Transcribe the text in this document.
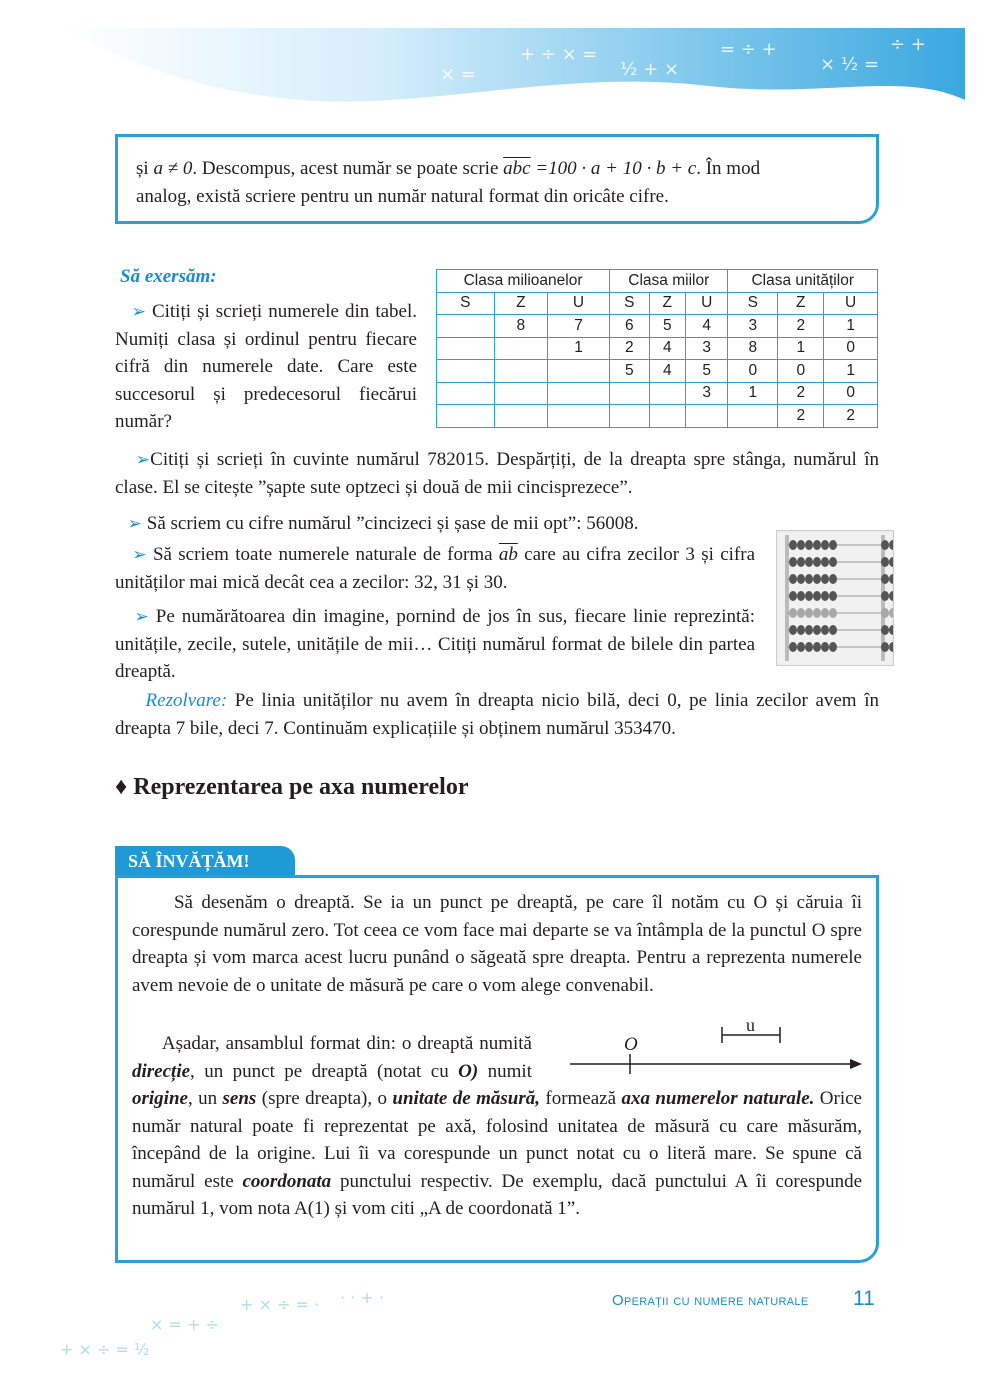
+ ÷ × =
½ + ×
= ÷ +
× ½ =
÷ +
× =

și a ≠ 0. Descompus, acest număr se poate scrie $\overline{abc} =100 \cdot a + 10 \cdot b + c$. În mod
analog, există scriere pentru un număr natural format din oricâte cifre.

Să exersăm:
➢ Citiți și scrieți numerele din tabel. Numiți clasa și ordinul pentru fiecare cifră din numerele date. Care este succesorul și predecesorul fiecărui număr?
Clasa milioanelor			Clasa miilor			Clasa unităților		
S	Z	U	S	Z	U	S	Z	U
	8	7	6	5	4	3	2	1
		1	2	4	3	8	1	0
			5	4	5	0	0	1
					3	1	2	0
							2	2
➢Citiți și scrieți în cuvinte numărul 782015. Despărțiți, de la dreapta spre stânga, numărul în clase. El se citește ”șapte sute optzeci și două de mii cincisprezece”.
➢ Să scriem cu cifre numărul ”cincizeci și șase de mii opt”: 56008.
➢ Să scriem toate numerele naturale de forma $\overline{ab}$ care au cifra zecilor 3 și cifra unităților mai mică decât cea a zecilor: 32, 31 și 30.
➢ Pe numărătoarea din imagine, pornind de jos în sus, fiecare linie reprezintă: unitățile, zecile, sutele, unitățile de mii… Citiți numărul format de bilele din partea dreaptă.
Rezolvare: Pe linia unităților nu avem în dreapta nicio bilă, deci 0, pe linia zecilor avem în dreapta 7 bile, deci 7. Continuăm explicațiile și obținem numărul 353470.
♦ Reprezentarea pe axa numerelor
SĂ ÎNVĂȚĂM!
Să desenăm o dreaptă. Se ia un punct pe dreaptă, pe care îl notăm cu O și căruia îi corespunde numărul zero. Tot ceea ce vom face mai departe se va întâmpla de la punctul O spre dreapta și vom marca acest lucru punând o săgeată spre dreapta. Pentru a reprezenta numerele avem nevoie de o unitate de măsură pe care o vom alege convenabil.
Așadar, ansamblul format din: o dreaptă numită direcție, un punct pe dreaptă (notat cu O) numit origine, un sens (spre dreapta), o unitate de măsură, formează axa numerelor naturale. Orice număr natural poate fi reprezentat pe axă, folosind unitatea de măsură cu care măsurăm, începând de la origine. Lui îi va corespunde un punct notat cu o literă mare. Se spune că numărul este coordonata punctului respectiv. De exemplu, dacă punctului A îi corespunde numărul 1, vom nota A(1) și vom citi „A de coordonată 1”.
O
u
+ × ÷ = ½
× = + ÷
+ × ÷ = · · · + ·	Operații cu numere naturale 11
